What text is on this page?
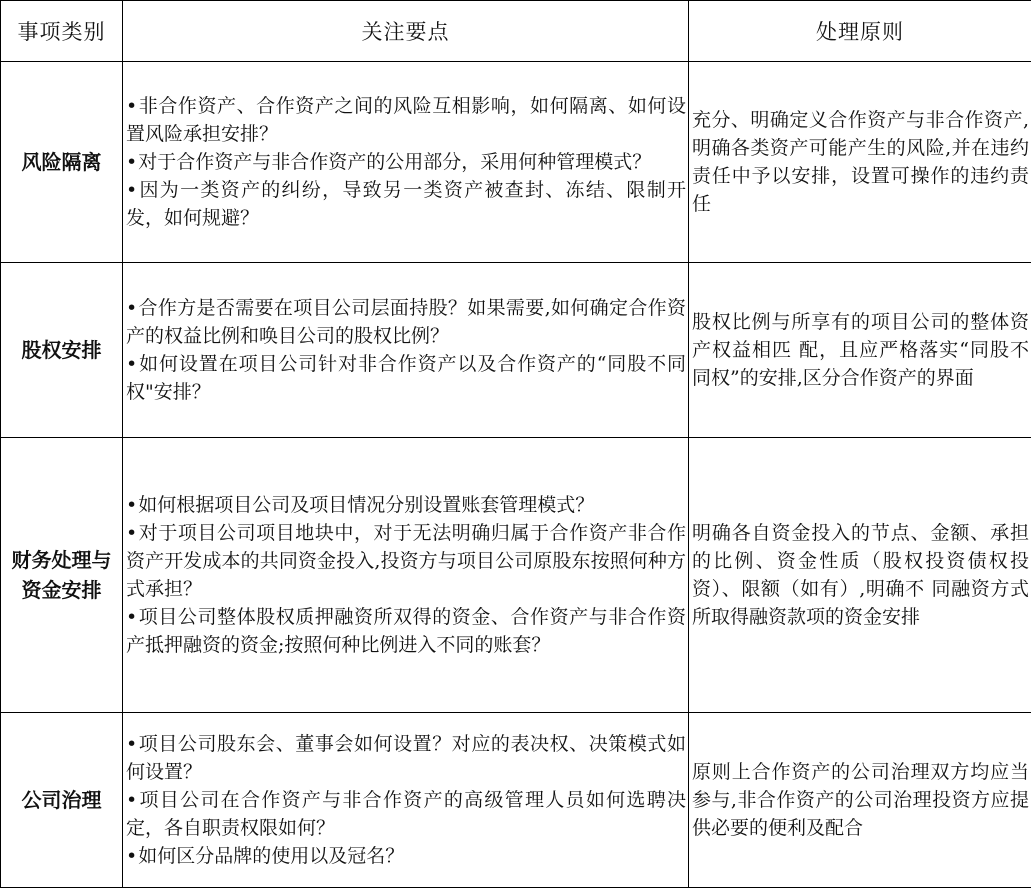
事项类别	关注要点	处理原则

风险隔离	• 非合作资产、合作资产之间的风险互相影响，如何隔离、如何设置风险承担安排？
• 对于合作资产与非合作资产的公用部分，采用何种管理模式？
• 因为一类资产的纠纷，导致另一类资产被查封、冻结、限制开发，如何规避？	充分、明确定义合作资产与非合作资产,明确各类资产可能产生的风险,并在违约责任中予以安排，设置可操作的违约责任

股权安排	• 合作方是否需要在项目公司层面持股？如果需要,如何确定合作资产的权益比例和唤目公司的股权比例？
• 如何设置在项目公司针对非合作资产以及合作资产的“同股不同权"安排？	股权比例与所享有的项目公司的整体资产权益相匹 配，且应严格落实“同股不同权”的安排,区分合作资产的界面

财务处理与
资金安排	• 如何根据项目公司及项目情况分别设置账套管理模式？
• 对于项目公司项目地块中，对于无法明确归属于合作资产非合作资产开发成本的共同资金投入,投资方与项目公司原股东按照何种方式承担？
• 项目公司整体股权质押融资所双得的资金、合作资产与非合作资产抵押融资的资金;按照何种比例进入不同的账套？	明确各自资金投入的节点、金额、承担的比例、资金性质（股权投资债权投 资）、限额（如有）,明确不 同融资方式所取得融资款项的资金安排

公司治理	• 项目公司股东会、董事会如何设置？对应的表决权、决策模式如何设置？
• 项目公司在合作资产与非合作资产的高级管理人员如何选聘决定，各自职责权限如何？
• 如何区分品牌的使用以及冠名？	原则上合作资产的公司治理双方均应当参与,非合作资产的公司治理投资方应提供必要的便利及配合
